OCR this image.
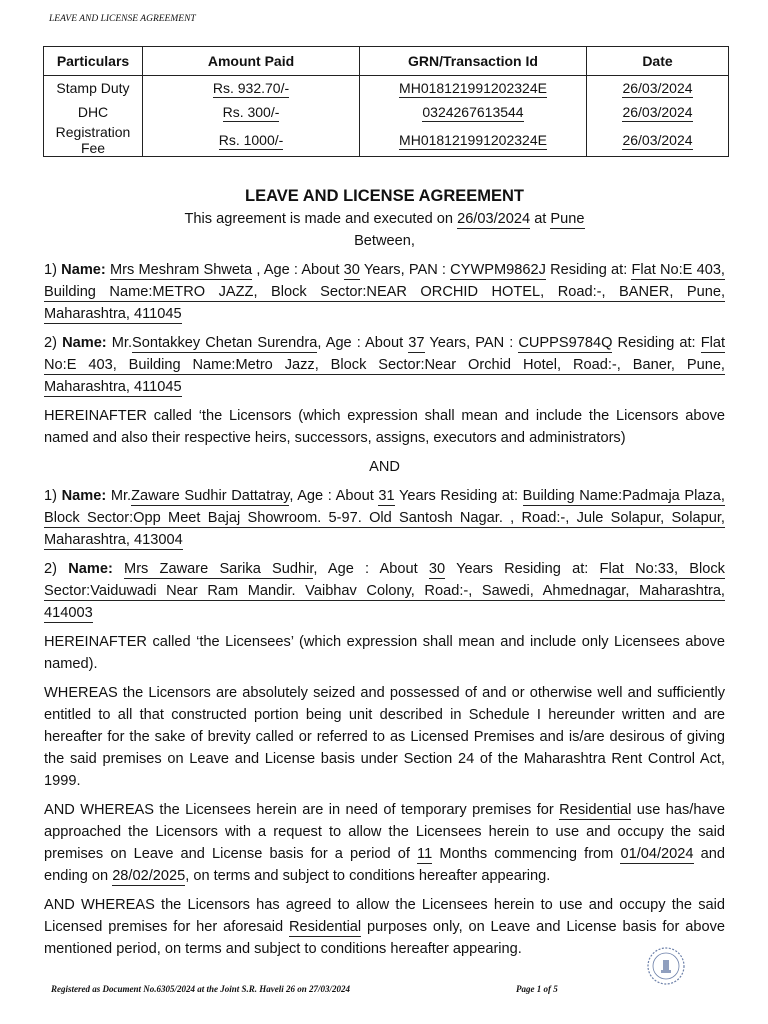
LEAVE AND LICENSE AGREEMENT
Particulars	Amount Paid	GRN/Transaction Id	Date
Stamp Duty	Rs. 932.70/-	MH018121991202324E	26/03/2024
DHC	Rs. 300/-	0324267613544	26/03/2024
Registration Fee	Rs. 1000/-	MH018121991202324E	26/03/2024

LEAVE AND LICENSE AGREEMENT

This agreement is made and executed on 26/03/2024 at Pune

Between,

1) Name: Mrs Meshram Shweta , Age : About 30 Years, PAN : CYWPM9862J Residing at: Flat No:E 403, Building Name:METRO JAZZ, Block Sector:NEAR ORCHID HOTEL, Road:-, BANER, Pune, Maharashtra, 411045

2) Name: Mr.Sontakkey Chetan Surendra, Age : About 37 Years, PAN : CUPPS9784Q Residing at: Flat No:E 403, Building Name:Metro Jazz, Block Sector:Near Orchid Hotel, Road:-, Baner, Pune, Maharashtra, 411045

HEREINAFTER called ‘the Licensors (which expression shall mean and include the Licensors above named and also their respective heirs, successors, assigns, executors and administrators)

AND

1) Name: Mr.Zaware Sudhir Dattatray, Age : About 31 Years Residing at: Building Name:Padmaja Plaza, Block Sector:Opp Meet Bajaj Showroom. 5-97. Old Santosh Nagar. , Road:-, Jule Solapur, Solapur, Maharashtra, 413004

2) Name: Mrs Zaware Sarika Sudhir, Age : About 30 Years Residing at: Flat No:33, Block Sector:Vaiduwadi Near Ram Mandir. Vaibhav Colony, Road:-, Sawedi, Ahmednagar, Maharashtra, 414003

HEREINAFTER called ‘the Licensees’ (which expression shall mean and include only Licensees above named).

WHEREAS the Licensors are absolutely seized and possessed of and or otherwise well and sufficiently entitled to all that constructed portion being unit described in Schedule I hereunder written and are hereafter for the sake of brevity called or referred to as Licensed Premises and is/are desirous of giving the said premises on Leave and License basis under Section 24 of the Maharashtra Rent Control Act, 1999.

AND WHEREAS the Licensees herein are in need of temporary premises for Residential use has/have approached the Licensors with a request to allow the Licensees herein to use and occupy the said premises on Leave and License basis for a period of 11 Months commencing from 01/04/2024 and ending on 28/02/2025, on terms and subject to conditions hereafter appearing.

AND WHEREAS the Licensors has agreed to allow the Licensees herein to use and occupy the said Licensed premises for her aforesaid Residential purposes only, on Leave and License basis for above mentioned period, on terms and subject to conditions hereafter appearing.

Registered as Document No.6305/2024 at the Joint S.R. Haveli 26 on 27/03/2024	Page 1 of 5
